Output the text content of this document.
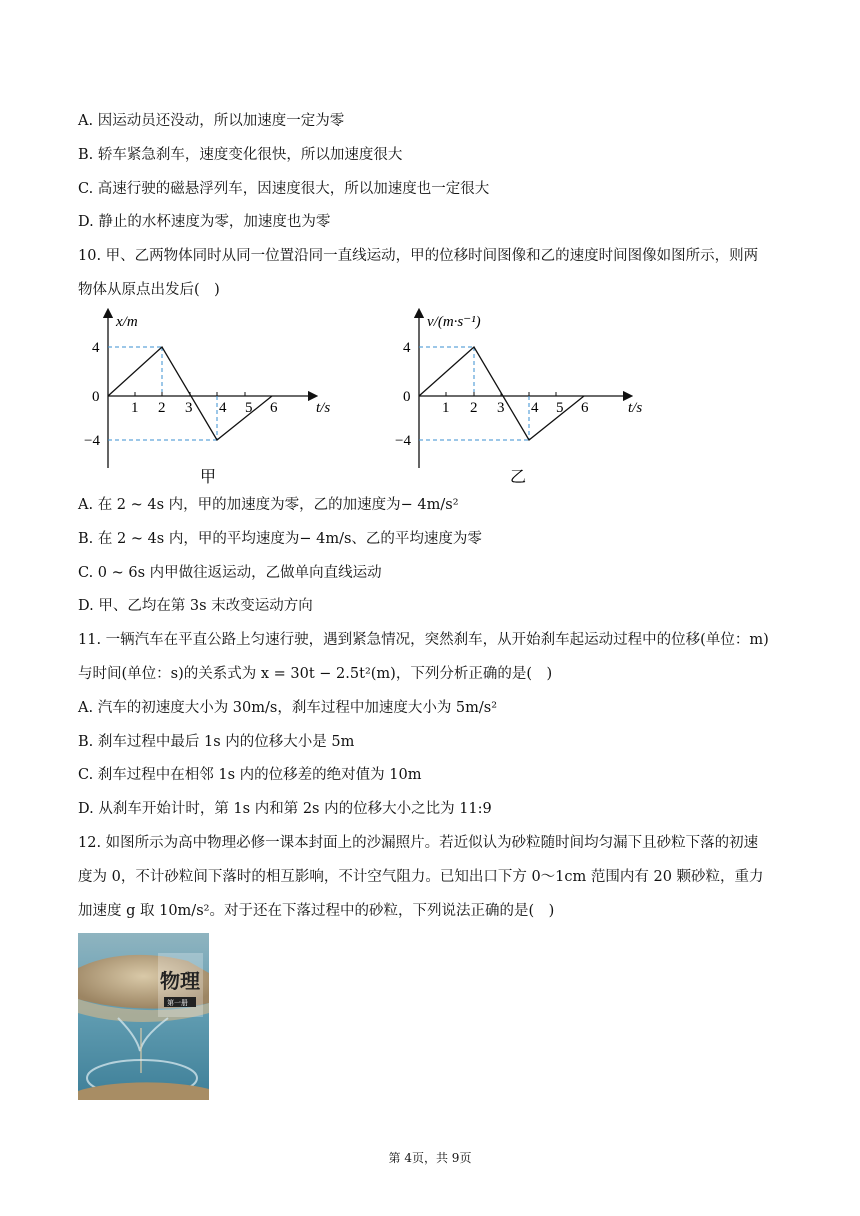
A. 因运动员还没动，所以加速度一定为零
B. 轿车紧急刹车，速度变化很快，所以加速度很大
C. 高速行驶的磁悬浮列车，因速度很大，所以加速度也一定很大
D. 静止的水杯速度为零，加速度也为零
10. 甲、乙两物体同时从同一位置沿同一直线运动，甲的位移时间图像和乙的速度时间图像如图所示，则两
物体从原点出发后(　)
x/m
t/s
4
0
−4
1 2 3 4 5 6
甲
v/(m·s⁻¹)
t/s
4
0
−4
1 2 3 4 5 6
乙
A. 在 2 ~ 4s 内，甲的加速度为零，乙的加速度为− 4m/s²
B. 在 2 ~ 4s 内，甲的平均速度为− 4m/s、乙的平均速度为零
C. 0 ~ 6s 内甲做往返运动，乙做单向直线运动
D. 甲、乙均在第 3s 末改变运动方向
11. 一辆汽车在平直公路上匀速行驶，遇到紧急情况，突然刹车，从开始刹车起运动过程中的位移(单位：m)
与时间(单位：s)的关系式为 x = 30t − 2.5t²(m)，下列分析正确的是(　)
A. 汽车的初速度大小为 30m/s，刹车过程中加速度大小为 5m/s²
B. 刹车过程中最后 1s 内的位移大小是 5m
C. 刹车过程中在相邻 1s 内的位移差的绝对值为 10m
D. 从刹车开始计时，第 1s 内和第 2s 内的位移大小之比为 11:9
12. 如图所示为高中物理必修一课本封面上的沙漏照片。若近似认为砂粒随时间均匀漏下且砂粒下落的初速
度为 0，不计砂粒间下落时的相互影响，不计空气阻力。已知出口下方 0～1cm 范围内有 20 颗砂粒，重力
加速度 g 取 10m/s²。对于还在下落过程中的砂粒，下列说法正确的是(　)
物理
第一册
第 4页，共 9页
